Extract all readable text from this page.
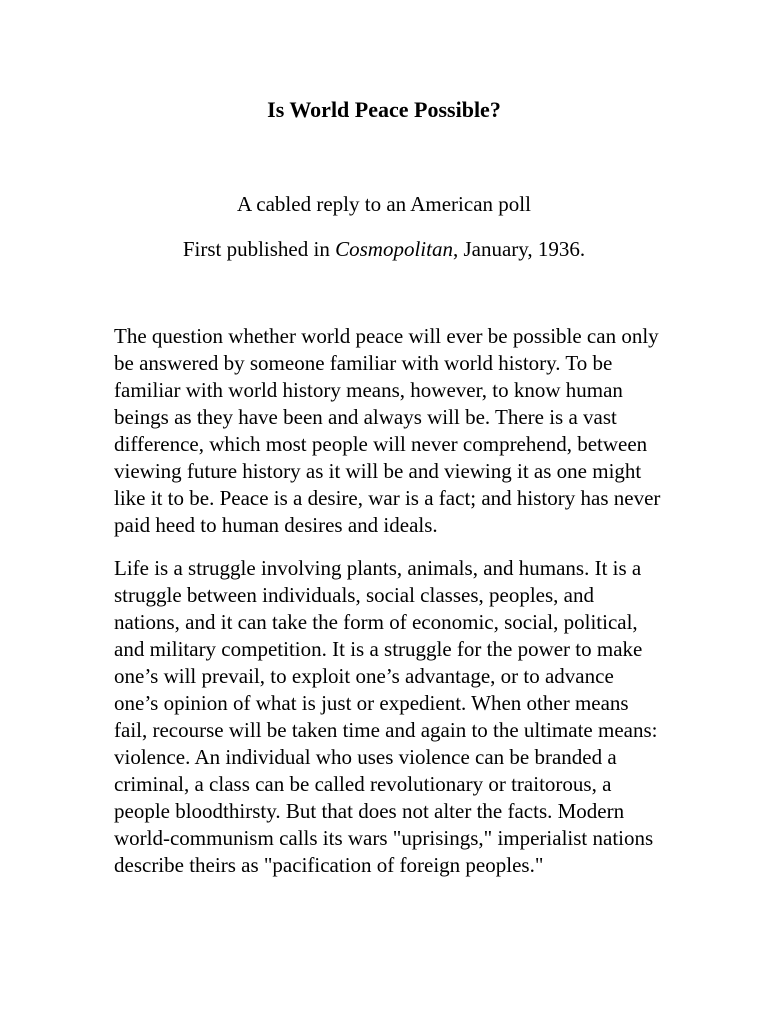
Is World Peace Possible?
A cabled reply to an American poll
First published in Cosmopolitan, January, 1936.

The question whether world peace will ever be possible can only be answered by someone familiar with world history. To be familiar with world history means, however, to know human beings as they have been and always will be. There is a vast difference, which most people will never comprehend, between viewing future history as it will be and viewing it as one might like it to be. Peace is a desire, war is a fact; and history has never paid heed to human desires and ideals.

Life is a struggle involving plants, animals, and humans. It is a struggle between individuals, social classes, peoples, and nations, and it can take the form of economic, social, political, and military competition. It is a struggle for the power to make one’s will prevail, to exploit one’s advantage, or to advance one’s opinion of what is just or expedient. When other means fail, recourse will be taken time and again to the ultimate means: violence. An individual who uses violence can be branded a criminal, a class can be called revolutionary or traitorous, a people bloodthirsty. But that does not alter the facts. Modern world-communism calls its wars "uprisings," imperialist nations describe theirs as "pacification of foreign peoples."
